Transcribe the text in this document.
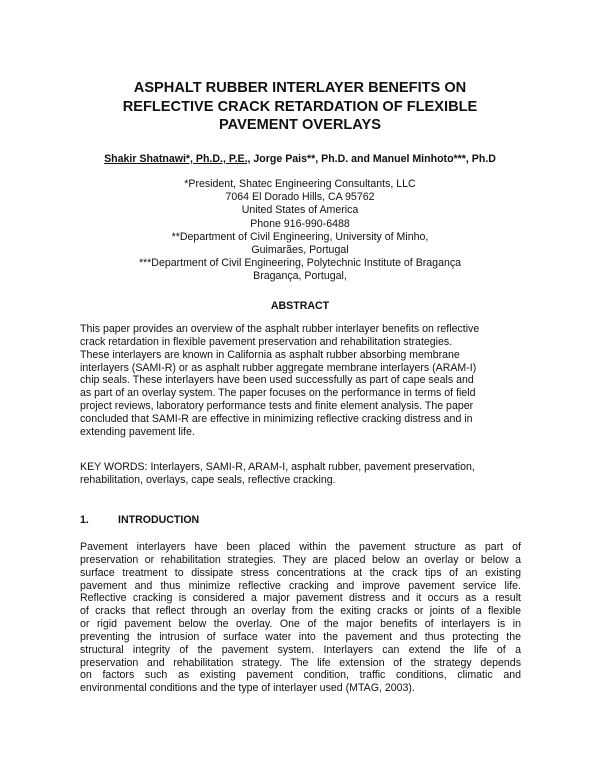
ASPHALT RUBBER INTERLAYER BENEFITS ON
REFLECTIVE CRACK RETARDATION OF FLEXIBLE
PAVEMENT OVERLAYS
Shakir Shatnawi*, Ph.D., P.E., Jorge Pais**, Ph.D. and Manuel Minhoto***, Ph.D
*President, Shatec Engineering Consultants, LLC
7064 El Dorado Hills, CA 95762
United States of America
Phone 916-990-6488
**Department of Civil Engineering, University of Minho,
Guimarães, Portugal
***Department of Civil Engineering, Polytechnic Institute of Bragança
Bragança, Portugal,
ABSTRACT
This paper provides an overview of the asphalt rubber interlayer benefits on reflective
crack retardation in flexible pavement preservation and rehabilitation strategies.
These interlayers are known in California as asphalt rubber absorbing membrane
interlayers (SAMI-R) or as asphalt rubber aggregate membrane interlayers (ARAM-I)
chip seals. These interlayers have been used successfully as part of cape seals and
as part of an overlay system. The paper focuses on the performance in terms of field
project reviews, laboratory performance tests and finite element analysis. The paper
concluded that SAMI-R are effective in minimizing reflective cracking distress and in
extending pavement life.
KEY WORDS: Interlayers, SAMI-R, ARAM-I, asphalt rubber, pavement preservation,
rehabilitation, overlays, cape seals, reflective cracking.
1.	INTRODUCTION
Pavement interlayers have been placed within the pavement structure as part of
preservation or rehabilitation strategies. They are placed below an overlay or below a
surface treatment to dissipate stress concentrations at the crack tips of an existing
pavement and thus minimize reflective cracking and improve pavement service life.
Reflective cracking is considered a major pavement distress and it occurs as a result
of cracks that reflect through an overlay from the exiting cracks or joints of a flexible
or rigid pavement below the overlay. One of the major benefits of interlayers is in
preventing the intrusion of surface water into the pavement and thus protecting the
structural integrity of the pavement system. Interlayers can extend the life of a
preservation and rehabilitation strategy. The life extension of the strategy depends
on factors such as existing pavement condition, traffic conditions, climatic and
environmental conditions and the type of interlayer used (MTAG, 2003).
